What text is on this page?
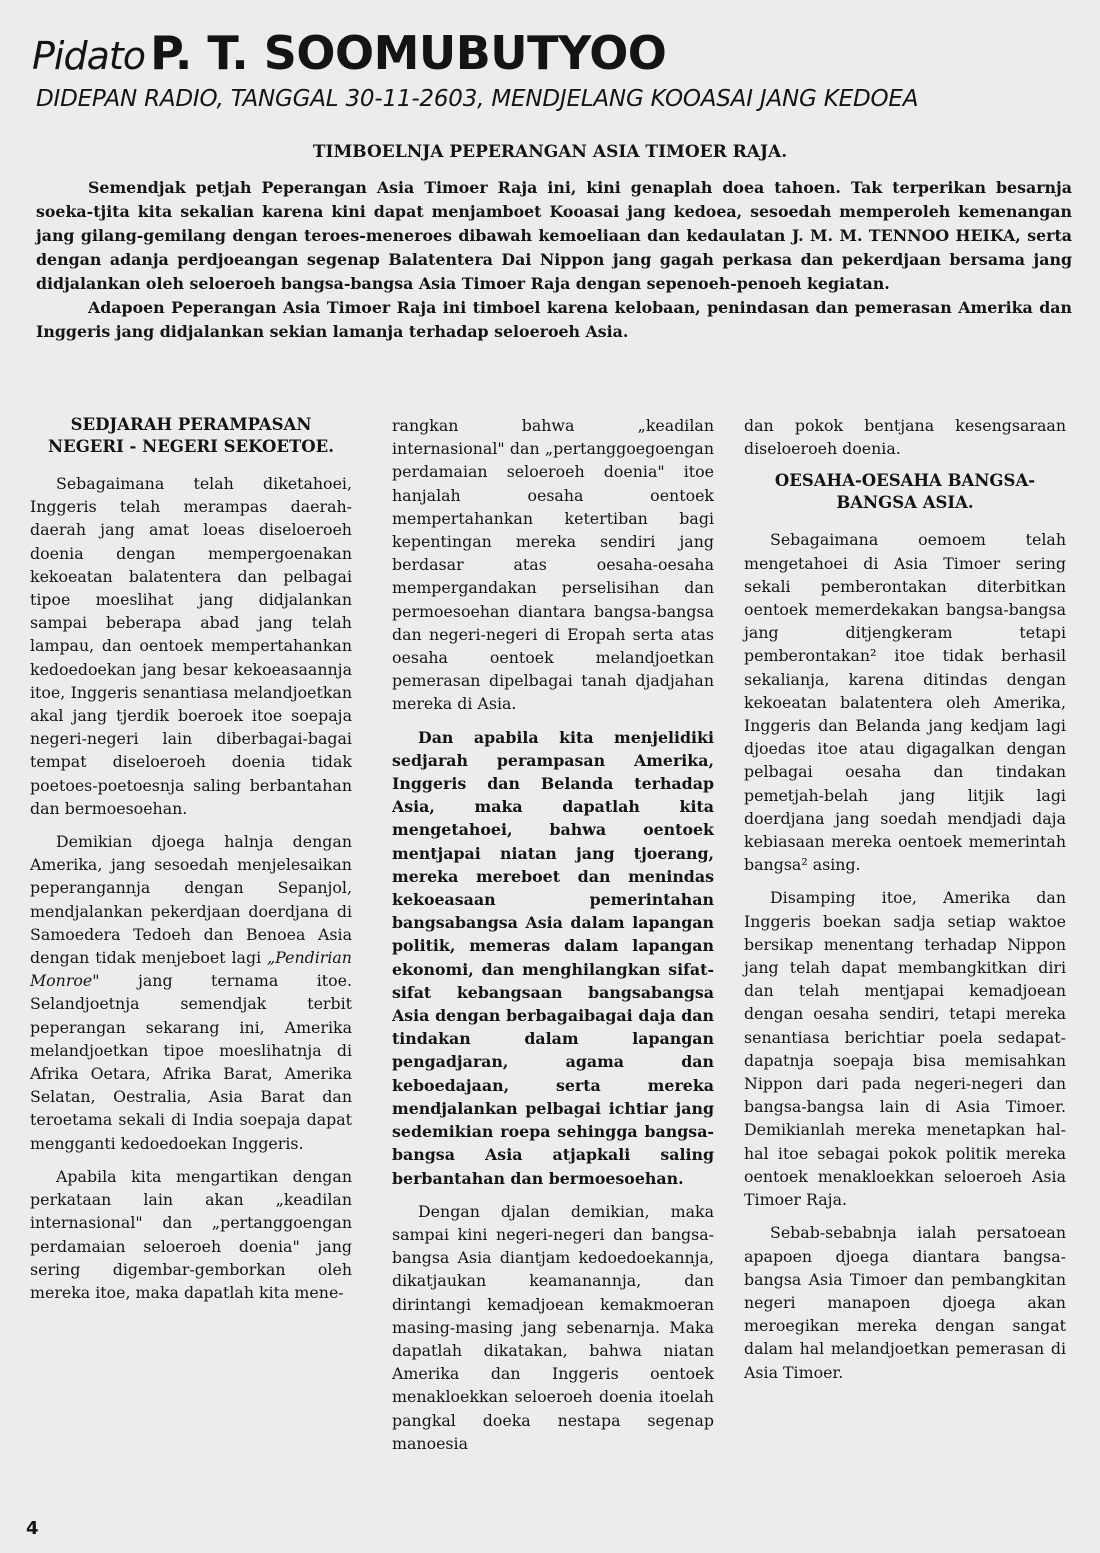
Pidato P. T. SOOMUBUTYOO
DIDEPAN RADIO, TANGGAL 30-11-2603, MENDJELANG KOOASAI JANG KEDOEA
TIMBOELNJA PEPERANGAN ASIA TIMOER RAJA.

Semendjak petjah Peperangan Asia Timoer Raja ini, kini genaplah doea tahoen. Tak terperikan besarnja soeka-tjita kita sekalian karena kini dapat menjamboet Kooasai jang kedoea, sesoedah memperoleh kemenangan jang gilang-gemilang dengan teroes-meneroes dibawah kemoeliaan dan kedaulatan J. M. M. TENNOO HEIKA, serta dengan adanja perdjoeangan segenap Balatentera Dai Nippon jang gagah perkasa dan pekerdjaan bersama jang didjalankan oleh seloeroeh bangsa-bangsa Asia Timoer Raja dengan sepenoeh-penoeh kegiatan.

Adapoen Peperangan Asia Timoer Raja ini timboel karena kelobaan, penindasan dan pemerasan Amerika dan Inggeris jang didjalankan sekian lamanja terhadap seloeroeh Asia.

SEDJARAH PERAMPASAN NEGERI - NEGERI SEKOETOE.

Sebagaimana telah diketahoei, Inggeris telah merampas daerah-daerah jang amat loeas diseloeroeh doenia dengan mempergoenakan kekoeatan balatentera dan pelbagai tipoe moeslihat jang didjalankan sampai beberapa abad jang telah lampau, dan oentoek mempertahankan kedoedoekan jang besar kekoeasaannja itoe, Inggeris senantiasa melandjoetkan akal jang tjerdik boeroek itoe soepaja negeri-negeri lain diberbagai-bagai tempat diseloeroeh doenia tidak poetoes-poetoesnja saling berbantahan dan bermoesoehan.

Demikian djoega halnja dengan Amerika, jang sesoedah menjelesaikan peperangannja dengan Sepanjol, mendjalankan pekerdjaan doerdjana di Samoedera Tedoeh dan Benoea Asia dengan tidak menjeboet lagi „Pendirian Monroe" jang ternama itoe. Selandjoetnja semendjak terbit peperangan sekarang ini, Amerika melandjoetkan tipoe moeslihatnja di Afrika Oetara, Afrika Barat, Amerika Selatan, Oestralia, Asia Barat dan teroetama sekali di India soepaja dapat mengganti kedoedoekan Inggeris.

Apabila kita mengartikan dengan perkataan lain akan „keadilan internasional" dan „pertanggoengan perdamaian seloeroeh doenia" jang sering digembar-gemborkan oleh mereka itoe, maka dapatlah kita mene-

rangkan bahwa „keadilan internasional" dan „pertanggoegoengan perdamaian seloeroeh doenia" itoe hanjalah oesaha oentoek mempertahankan ketertiban bagi kepentingan mereka sendiri jang berdasar atas oesaha-oesaha mempergandakan perselisihan dan permoesoehan diantara bangsa-bangsa dan negeri-negeri di Eropah serta atas oesaha oentoek melandjoetkan pemerasan dipelbagai tanah djadjahan mereka di Asia.

Dan apabila kita menjelidiki sedjarah perampasan Amerika, Inggeris dan Belanda terhadap Asia, maka dapatlah kita mengetahoei, bahwa oentoek mentjapai niatan jang tjoerang, mereka mereboet dan menindas kekoeasaan pemerintahan bangsabangsa Asia dalam lapangan politik, memeras dalam lapangan ekonomi, dan menghilangkan sifat-sifat kebangsaan bangsabangsa Asia dengan berbagaibagai daja dan tindakan dalam lapangan pengadjaran, agama dan keboedajaan, serta mereka mendjalankan pelbagai ichtiar jang sedemikian roepa sehingga bangsa-bangsa Asia atjapkali saling berbantahan dan bermoesoehan.

Dengan djalan demikian, maka sampai kini negeri-negeri dan bangsa-bangsa Asia diantjam kedoedoekannja, dikatjaukan keamanannja, dan dirintangi kemadjoean kemakmoeran masing-masing jang sebenarnja. Maka dapatlah dikatakan, bahwa niatan Amerika dan Inggeris oentoek menakloekkan seloeroeh doenia itoelah pangkal doeka nestapa segenap manoesia

dan pokok bentjana kesengsaraan diseloeroeh doenia.

OESAHA-OESAHA BANGSA-BANGSA ASIA.

Sebagaimana oemoem telah mengetahoei di Asia Timoer sering sekali pemberontakan diterbitkan oentoek memerdekakan bangsa-bangsa jang ditjengkeram tetapi pemberontakan² itoe tidak berhasil sekalianja, karena ditindas dengan kekoeatan balatentera oleh Amerika, Inggeris dan Belanda jang kedjam lagi djoedas itoe atau digagalkan dengan pelbagai oesaha dan tindakan pemetjah-belah jang litjik lagi doerdjana jang soedah mendjadi daja kebiasaan mereka oentoek memerintah bangsa² asing.

Disamping itoe, Amerika dan Inggeris boekan sadja setiap waktoe bersikap menentang terhadap Nippon jang telah dapat membangkitkan diri dan telah mentjapai kemadjoean dengan oesaha sendiri, tetapi mereka senantiasa berichtiar poela sedapat-dapatnja soepaja bisa memisahkan Nippon dari pada negeri-negeri dan bangsa-bangsa lain di Asia Timoer. Demikianlah mereka menetapkan hal-hal itoe sebagai pokok politik mereka oentoek menakloekkan seloeroeh Asia Timoer Raja.

Sebab-sebabnja ialah persatoean apapoen djoega diantara bangsa-bangsa Asia Timoer dan pembangkitan negeri manapoen djoega akan meroegikan mereka dengan sangat dalam hal melandjoetkan pemerasan di Asia Timoer.

4
